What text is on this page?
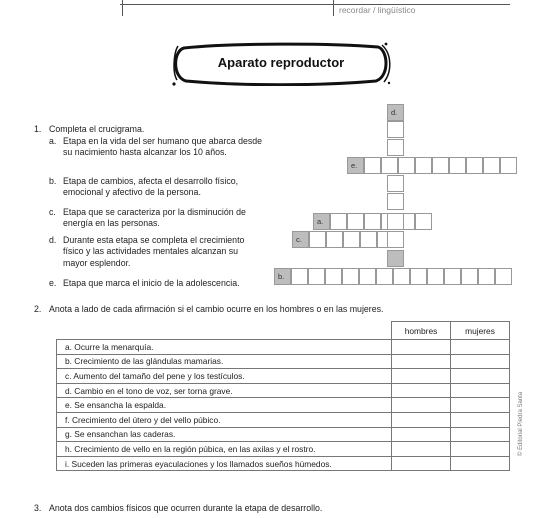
recordar / lingüístico
Aparato reproductor
1. Completa el crucigrama.
a. Etapa en la vida del ser humano que abarca desde su nacimiento hasta alcanzar los 10 años.
b. Etapa de cambios, afecta el desarrollo físico, emocional y afectivo de la persona.
c. Etapa que se caracteriza por la disminución de energía en las personas.
d. Durante esta etapa se completa el crecimiento físico y las actividades mentales alcanzan su mayor esplendor.
e. Etapa que marca el inicio de la adolescencia.
e.
a.
c.
b.
d.
2. Anota a lado de cada afirmación si el cambio ocurre en los hombres o en las mujeres.
	hombres	mujeres
a. Ocurre la menarquía.		
b. Crecimiento de las glándulas mamarias.		
c. Aumento del tamaño del pene y los testículos.		
d. Cambio en el tono de voz, ser torna grave.		
e. Se ensancha la espalda.		
f. Crecimiento del útero y del vello púbico.		
g. Se ensanchan las caderas.		
h. Crecimiento de vello en la región púbica, en las axilas y el rostro.		
i. Suceden las primeras eyaculaciones y los llamados sueños húmedos.		
3. Anota dos cambios físicos que ocurren durante la etapa de desarrollo.
© Editorial Piedra Santa
